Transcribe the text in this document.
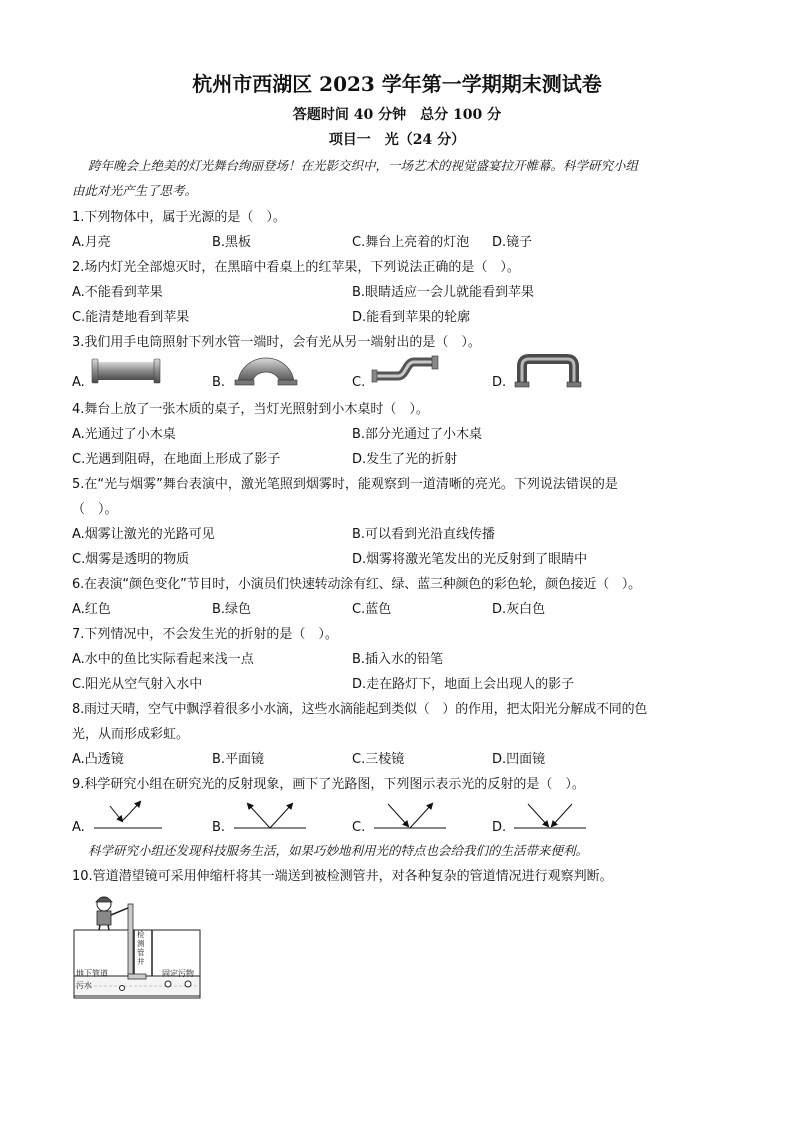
杭州市西湖区 2023 学年第一学期期末测试卷
答题时间 40 分钟　总分 100 分
项目一　光（24 分）
跨年晚会上绝美的灯光舞台绚丽登场！在光影交织中，一场艺术的视觉盛宴拉开帷幕。科学研究小组
由此对光产生了思考。
1.下列物体中，属于光源的是（　）。
A.月亮	B.黑板	C.舞台上亮着的灯泡 D.镜子
2.场内灯光全部熄灭时，在黑暗中看桌上的红苹果，下列说法正确的是（　）。
A.不能看到苹果	B.眼睛适应一会儿就能看到苹果
C.能清楚地看到苹果	D.能看到苹果的轮廓
3.我们用手电筒照射下列水管一端时，会有光从另一端射出的是（　）。
A.	B.	C.	D.
4.舞台上放了一张木质的桌子，当灯光照射到小木桌时（　）。
A.光通过了小木桌	B.部分光通过了小木桌
C.光遇到阻碍，在地面上形成了影子	D.发生了光的折射
5.在“光与烟雾”舞台表演中，激光笔照到烟雾时，能观察到一道清晰的亮光。下列说法错误的是
（　）。
A.烟雾让激光的光路可见	B.可以看到光沿直线传播
C.烟雾是透明的物质	D.烟雾将激光笔发出的光反射到了眼睛中
6.在表演“颜色变化”节目时，小演员们快速转动涂有红、绿、蓝三种颜色的彩色轮，颜色接近（　）。
A.红色	B.绿色	C.蓝色	D.灰白色
7.下列情况中，不会发生光的折射的是（　）。
A.水中的鱼比实际看起来浅一点	B.插入水的铅笔
C.阳光从空气射入水中	D.走在路灯下，地面上会出现人的影子
8.雨过天晴，空气中飘浮着很多小水滴，这些水滴能起到类似（　）的作用，把太阳光分解成不同的色
光，从而形成彩虹。
A.凸透镜	B.平面镜	C.三棱镜	D.凹面镜
9.科学研究小组在研究光的反射现象，画下了光路图，下列图示表示光的反射的是（　）。
A.	B.	C.	D.
科学研究小组还发现科技服务生活，如果巧妙地利用光的特点也会给我们的生活带来便利。
10.管道潜望镜可采用伸缩杆将其一端送到被检测管井，对各种复杂的管道情况进行观察判断。
地下管道
污水
检测管井
固定污物
